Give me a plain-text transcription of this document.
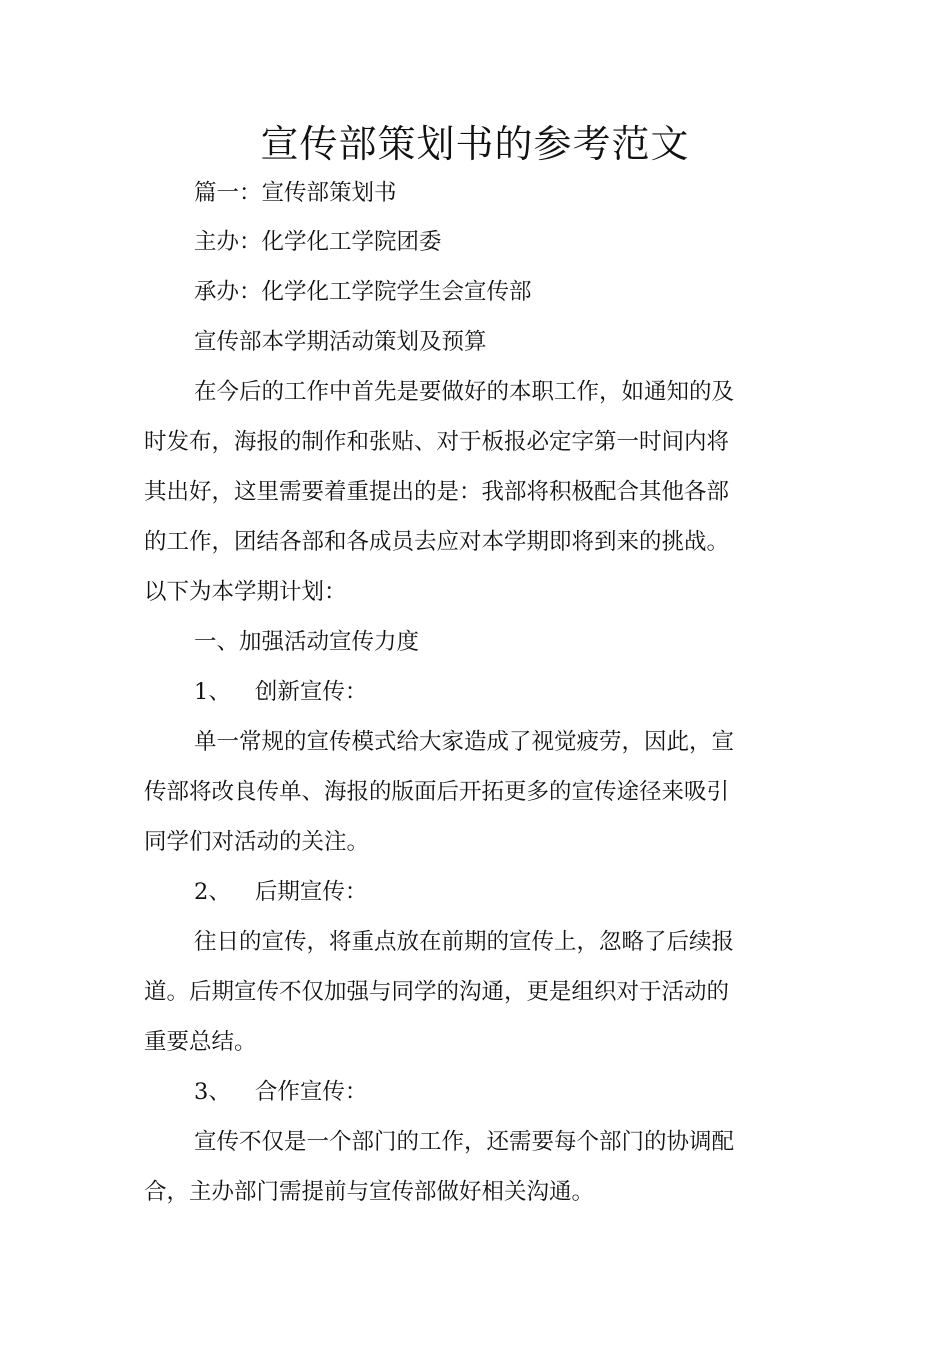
宣传部策划书的参考范文
篇一：宣传部策划书
主办：化学化工学院团委
承办：化学化工学院学生会宣传部
宣传部本学期活动策划及预算
在今后的工作中首先是要做好的本职工作，如通知的及
时发布，海报的制作和张贴、对于板报必定字第一时间内将
其出好，这里需要着重提出的是：我部将积极配合其他各部
的工作，团结各部和各成员去应对本学期即将到来的挑战。
以下为本学期计划：
一、加强活动宣传力度
1、 创新宣传：
单一常规的宣传模式给大家造成了视觉疲劳，因此，宣
传部将改良传单、海报的版面后开拓更多的宣传途径来吸引
同学们对活动的关注。
2、 后期宣传：
往日的宣传，将重点放在前期的宣传上，忽略了后续报
道。后期宣传不仅加强与同学的沟通，更是组织对于活动的
重要总结。
3、 合作宣传：
宣传不仅是一个部门的工作，还需要每个部门的协调配
合，主办部门需提前与宣传部做好相关沟通。
